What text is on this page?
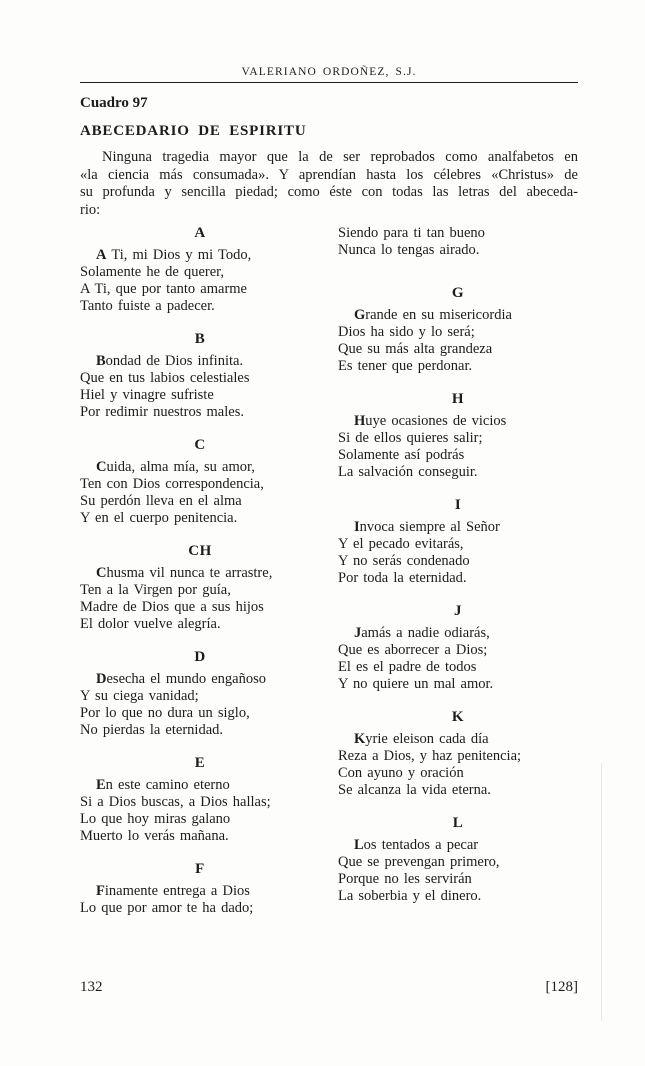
VALERIANO ORDOÑEZ, S.J.
Cuadro 97
ABECEDARIO DE ESPIRITU
Ninguna tragedia mayor que la de ser reprobados como analfabetos en
«la ciencia más consumada». Y aprendían hasta los célebres «Christus» de
su profunda y sencilla piedad; como éste con todas las letras del abeceda-
rio:
A
A Ti, mi Dios y mi Todo,
Solamente he de querer,
A Ti, que por tanto amarme
Tanto fuiste a padecer.
B
Bondad de Dios infinita.
Que en tus labios celestiales
Hiel y vinagre sufriste
Por redimir nuestros males.
C
Cuida, alma mía, su amor,
Ten con Dios correspondencia,
Su perdón lleva en el alma
Y en el cuerpo penitencia.
CH
Chusma vil nunca te arrastre,
Ten a la Virgen por guía,
Madre de Dios que a sus hijos
El dolor vuelve alegría.
D
Desecha el mundo engañoso
Y su ciega vanidad;
Por lo que no dura un siglo,
No pierdas la eternidad.
E
En este camino eterno
Si a Dios buscas, a Dios hallas;
Lo que hoy miras galano
Muerto lo verás mañana.
F
Finamente entrega a Dios
Lo que por amor te ha dado;
Siendo para ti tan bueno
Nunca lo tengas airado.
G
Grande en su misericordia
Dios ha sido y lo será;
Que su más alta grandeza
Es tener que perdonar.
H
Huye ocasiones de vicios
Si de ellos quieres salir;
Solamente así podrás
La salvación conseguir.
I
Invoca siempre al Señor
Y el pecado evitarás,
Y no serás condenado
Por toda la eternidad.
J
Jamás a nadie odiarás,
Que es aborrecer a Dios;
El es el padre de todos
Y no quiere un mal amor.
K
Kyrie eleison cada día
Reza a Dios, y haz penitencia;
Con ayuno y oración
Se alcanza la vida eterna.
L
Los tentados a pecar
Que se prevengan primero,
Porque no les servirán
La soberbia y el dinero.
132	[128]
